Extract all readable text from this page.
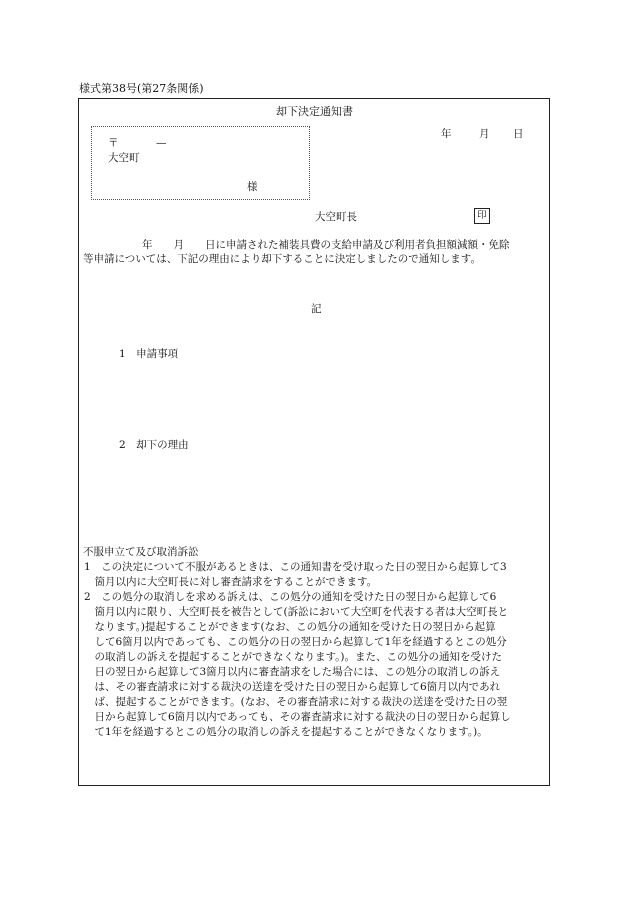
様式第38号(第27条関係)
却下決定通知書
年	月 日
〒	—
大空町
様
大空町長	印

年　　月　　日に申請された補装具費の支給申請及び利用者負担額減額・免除

等申請については、下記の理由により却下することに決定しましたので通知します。

記
1　申請事項
2　却下の理由
不服申立て及び取消訴訟
1　この決定について不服があるときは、この通知書を受け取った日の翌日から起算して3
　箇月以内に大空町長に対し審査請求をすることができます。
2　この処分の取消しを求める訴えは、この処分の通知を受けた日の翌日から起算して6
　箇月以内に限り、大空町長を被告として(訴訟において大空町を代表する者は大空町長と
　なります。)提起することができます(なお、この処分の通知を受けた日の翌日から起算
　して6箇月以内であっても、この処分の日の翌日から起算して1年を経過するとこの処分
　の取消しの訴えを提起することができなくなります。)。また、この処分の通知を受けた
　日の翌日から起算して3箇月以内に審査請求をした場合には、この処分の取消しの訴え
　は、その審査請求に対する裁決の送達を受けた日の翌日から起算して6箇月以内であれ
　ば、提起することができます。(なお、その審査請求に対する裁決の送達を受けた日の翌
　日から起算して6箇月以内であっても、その審査請求に対する裁決の日の翌日から起算し
　て1年を経過するとこの処分の取消しの訴えを提起することができなくなります。)。
